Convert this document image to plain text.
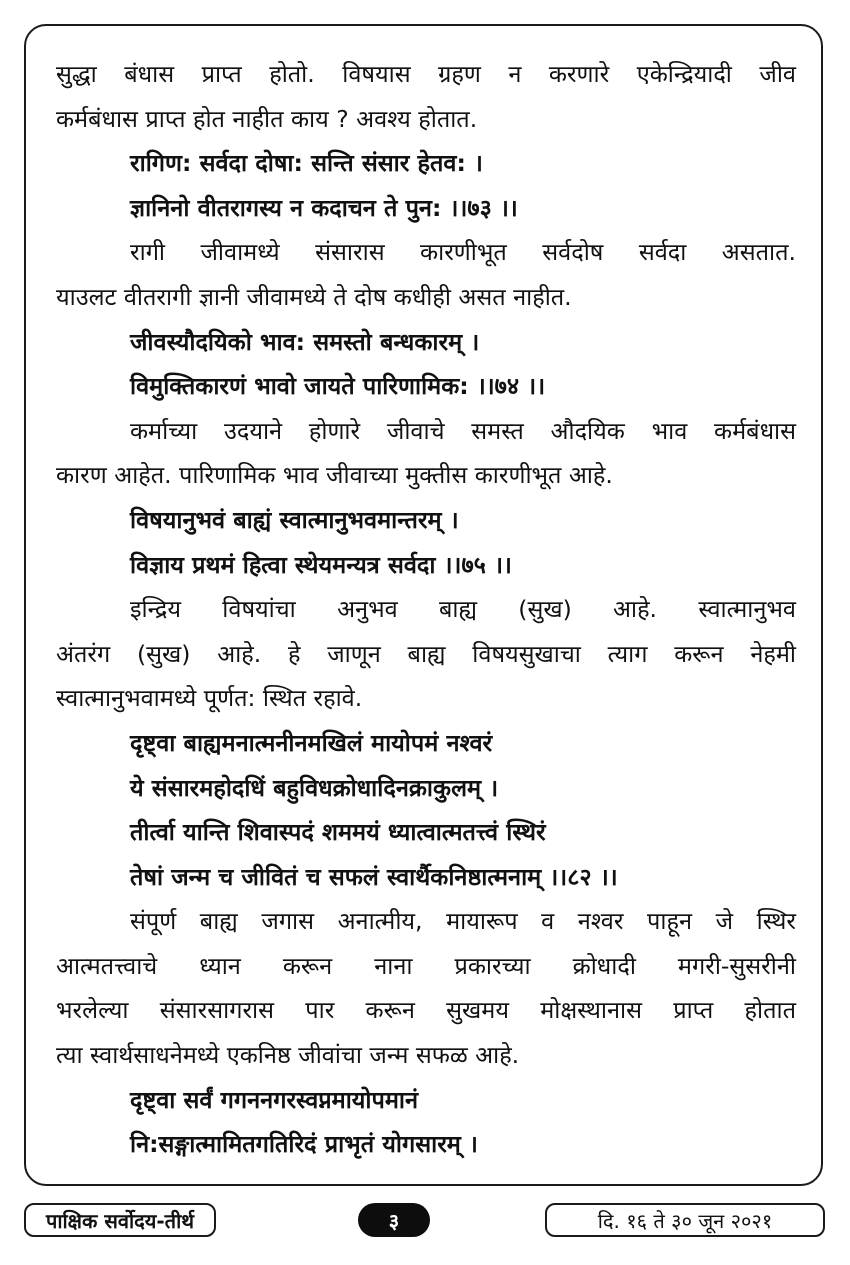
सुद्धा बंधास प्राप्त होतो. विषयास ग्रहण न करणारे एकेन्द्रियादी जीव
कर्मबंधास प्राप्त होत नाहीत काय ? अवश्य होतात.
रागिण: सर्वदा दोषा: सन्ति संसार हेतव: ।
ज्ञानिनो वीतरागस्य न कदाचन ते पुन: ।।७३ ।।
रागी जीवामध्ये संसारास कारणीभूत सर्वदोष सर्वदा असतात.
याउलट वीतरागी ज्ञानी जीवामध्ये ते दोष कधीही असत नाहीत.
जीवस्यौदयिको भाव: समस्तो बन्धकारम् ।
विमुक्तिकारणं भावो जायते पारिणामिक: ।।७४ ।।
कर्माच्या उदयाने होणारे जीवाचे समस्त औदयिक भाव कर्मबंधास
कारण आहेत. पारिणामिक भाव जीवाच्या मुक्तीस कारणीभूत आहे.
विषयानुभवं बाह्यं स्वात्मानुभवमान्तरम् ।
विज्ञाय प्रथमं हित्वा स्थेयमन्यत्र सर्वदा ।।७५ ।।
इन्द्रिय विषयांचा अनुभव बाह्य (सुख) आहे. स्वात्मानुभव
अंतरंग (सुख) आहे. हे जाणून बाह्य विषयसुखाचा त्याग करून नेहमी
स्वात्मानुभवामध्ये पूर्णत: स्थित रहावे.
दृष्ट्वा बाह्यमनात्मनीनमखिलं मायोपमं नश्वरं
ये संसारमहोदधिं बहुविधक्रोधादिनक्राकुलम् ।
तीर्त्वा यान्ति शिवास्पदं शममयं ध्यात्वात्मतत्त्वं स्थिरं
तेषां जन्म च जीवितं च सफलं स्वार्थैकनिष्ठात्मनाम् ।।८२ ।।
संपूर्ण बाह्य जगास अनात्मीय, मायारूप व नश्वर पाहून जे स्थिर
आत्मतत्त्वाचे ध्यान करून नाना प्रकारच्या क्रोधादी मगरी-सुसरीनी
भरलेल्या संसारसागरास पार करून सुखमय मोक्षस्थानास प्राप्त होतात
त्या स्वार्थसाधनेमध्ये एकनिष्ठ जीवांचा जन्म सफळ आहे.
दृष्ट्वा सर्वं गगननगरस्वप्नमायोपमानं
नि:सङ्गात्मामितगतिरिदं प्राभृतं योगसारम् ।
पाक्षिक सर्वोदय-तीर्थ	३	दि. १६ ते ३० जून २०२१
